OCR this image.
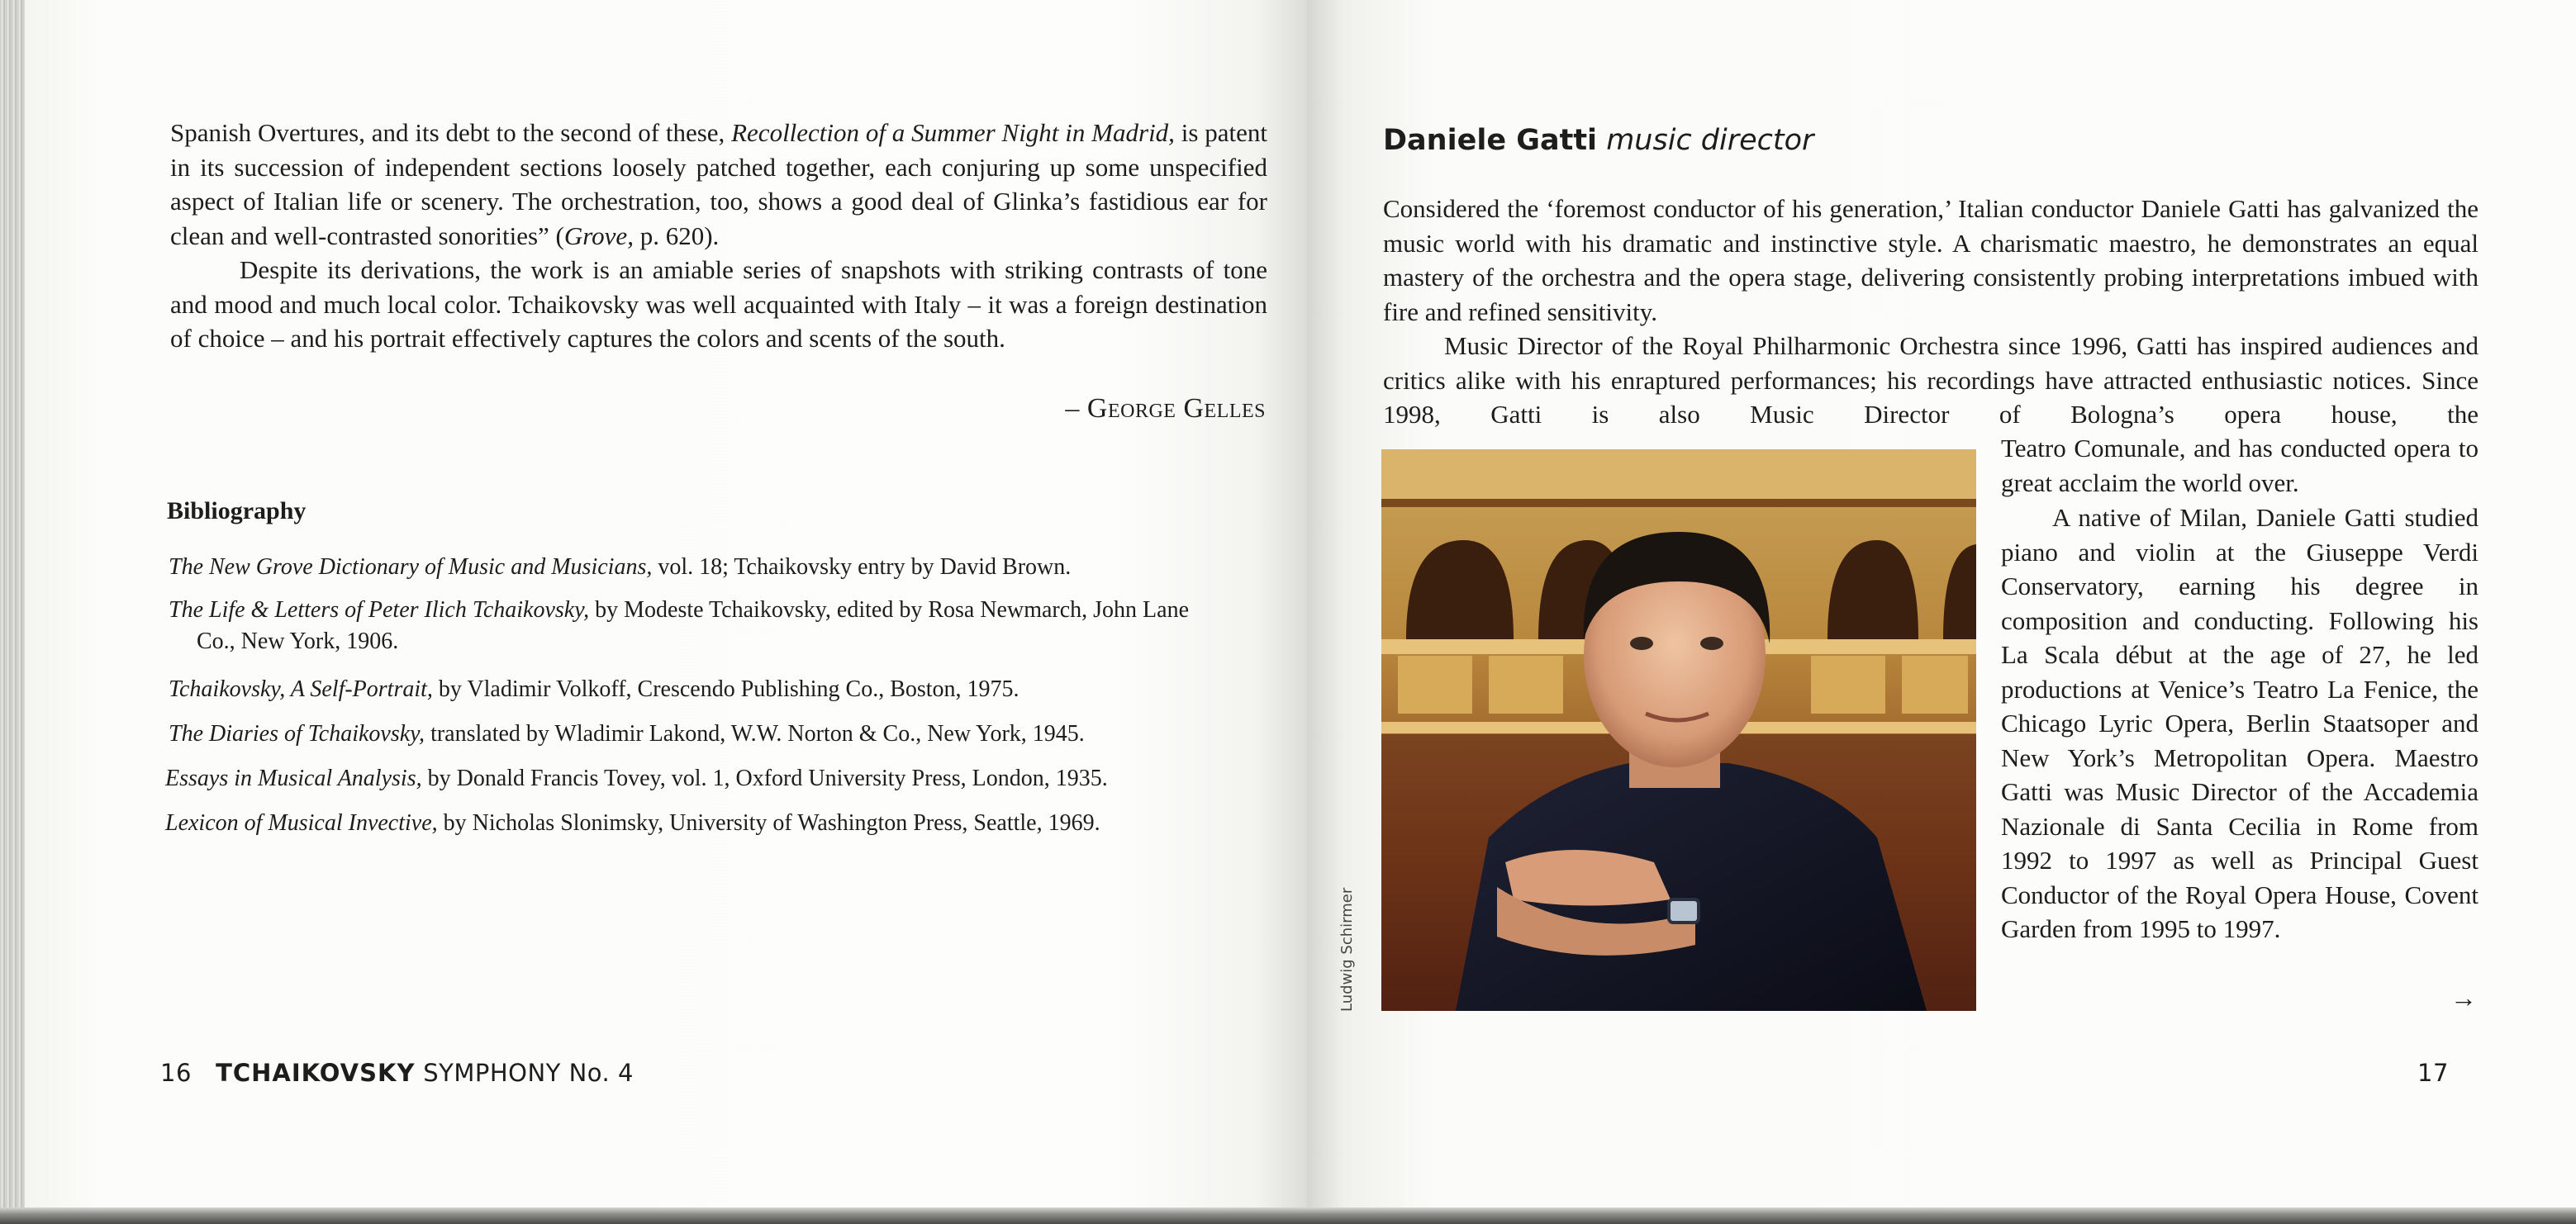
Spanish Overtures, and its debt to the second of these, Recollection of a Summer Night in Madrid, is patent in its succession of independent sections loosely patched together, each conjuring up some unspecified aspect of Italian life or scenery. The orchestration, too, shows a good deal of Glinka’s fastidious ear for clean and well-contrasted sonorities” (Grove, p. 620).

Despite its derivations, the work is an amiable series of snapshots with striking contrasts of tone and mood and much local color. Tchaikovsky was well acquainted with Italy – it was a foreign destination of choice – and his portrait effectively captures the colors and scents of the south.

– George Gelles

Bibliography

The New Grove Dictionary of Music and Musicians, vol. 18; Tchaikovsky entry by David Brown.

The Life & Letters of Peter Ilich Tchaikovsky, by Modeste Tchaikovsky, edited by Rosa Newmarch, John Lane Co., New York, 1906.

Tchaikovsky, A Self-Portrait, by Vladimir Volkoff, Crescendo Publishing Co., Boston, 1975.

The Diaries of Tchaikovsky, translated by Wladimir Lakond, W.W. Norton & Co., New York, 1945.

Essays in Musical Analysis, by Donald Francis Tovey, vol. 1, Oxford University Press, London, 1935.

Lexicon of Musical Invective, by Nicholas Slonimsky, University of Washington Press, Seattle, 1969.

16 TCHAIKOVSKY SYMPHONY No. 4

Daniele Gatti music director

Considered the ‘foremost conductor of his generation,’ Italian conductor Daniele Gatti has galvanized the music world with his dramatic and instinctive style. A charismatic maestro, he demonstrates an equal mastery of the orchestra and the opera stage, delivering consistently probing interpretations imbued with fire and refined sensitivity.

Music Director of the Royal Philharmonic Orchestra since 1996, Gatti has inspired audiences and critics alike with his enraptured performances; his recordings have attracted enthusiastic notices. Since 1998, Gatti is also Music Director of Bologna’s opera house, the

Teatro Comunale, and has conducted opera to great acclaim the world over.

Ludwig Schirmer

A native of Milan, Daniele Gatti studied piano and violin at the Giuseppe Verdi Conservatory, earning his degree in composition and conducting. Following his La Scala début at the age of 27, he led productions at Venice’s Teatro La Fenice, the Chicago Lyric Opera, Berlin Staatsoper and New York’s Metropolitan Opera. Maestro Gatti was Music Director of the Accademia Nazionale di Santa Cecilia in Rome from 1992 to 1997 as well as Principal Guest Conductor of the Royal Opera House, Covent Garden from 1995 to 1997.

→

17
